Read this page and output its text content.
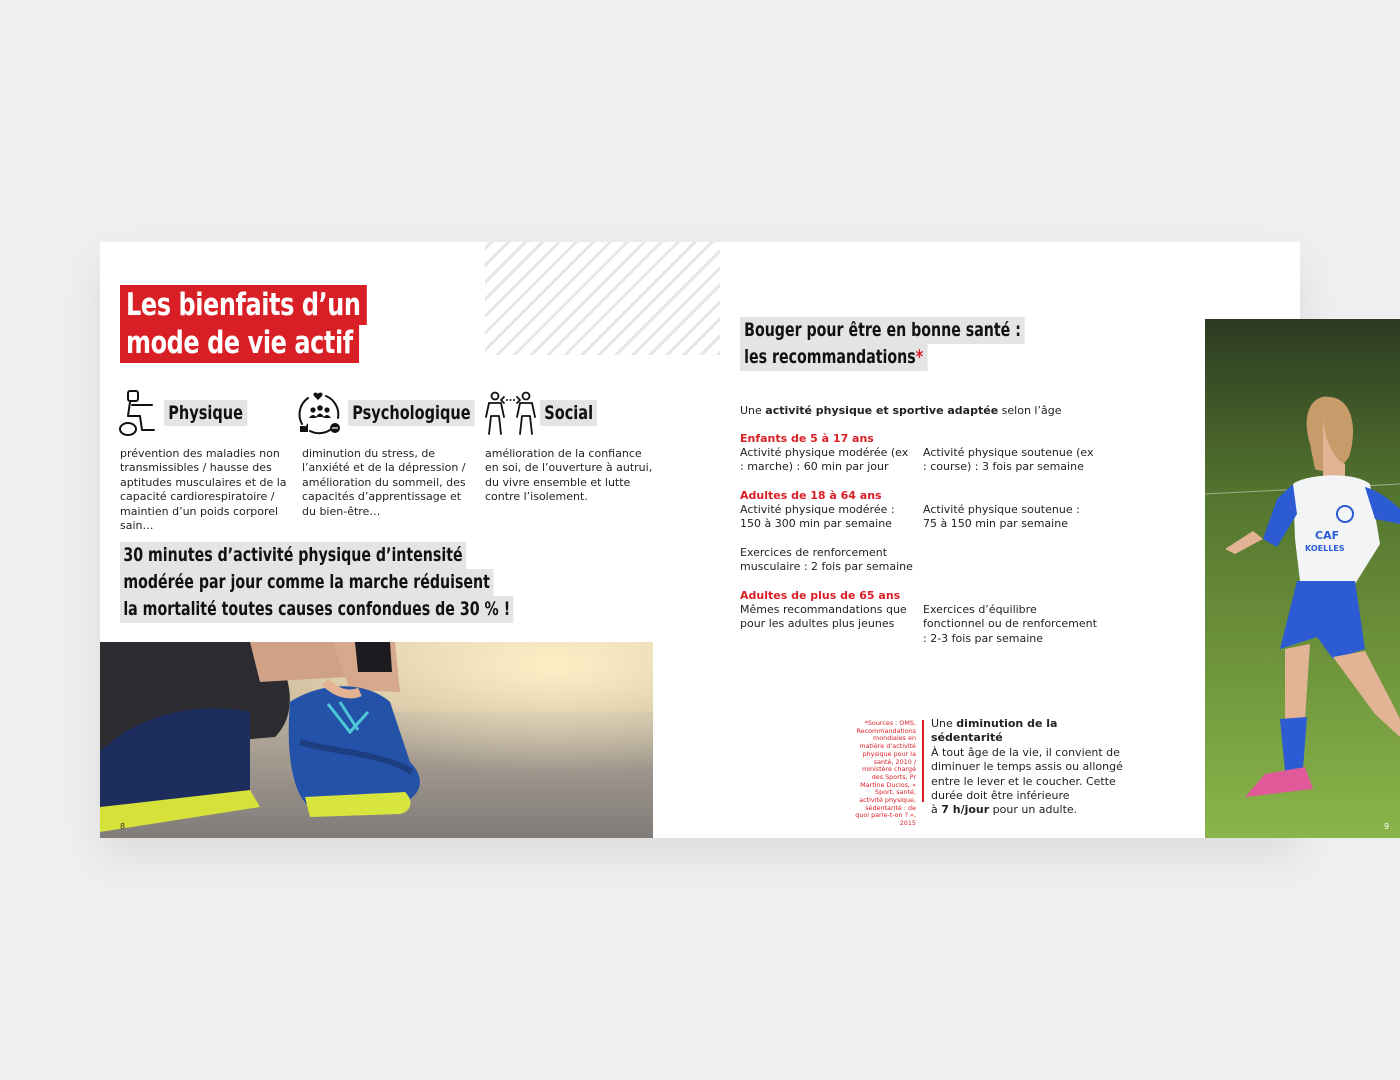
Les bienfaits d’un
mode de vie actif
Physique
prévention des maladies non transmissibles / hausse des aptitudes musculaires et de la capacité cardiorespiratoire / maintien d’un poids corporel sain…
Psychologique
diminution du stress, de l’anxiété et de la dépression / amélioration du sommeil, des capacités d’apprentissage et du bien-être…
Social
amélioration de la confiance en soi, de l’ouverture à autrui, du vivre ensemble et lutte contre l’isolement.
30 minutes d’activité physique d’intensité
modérée par jour comme la marche réduisent
la mortalité toutes causes confondues de 30 % !
8
Bouger pour être en bonne santé :
les recommandations*
Une activité physique et sportive adaptée selon l’âge
Enfants de 5 à 17 ans
Activité physique modérée (ex : marche) : 60 min par jour
Activité physique soutenue (ex : course) : 3 fois par semaine
Adultes de 18 à 64 ans
Activité physique modérée : 150 à 300 min par semaine
Activité physique soutenue : 75 à 150 min par semaine
Exercices de renforcement musculaire : 2 fois par semaine
Adultes de plus de 65 ans
Mêmes recommandations que pour les adultes plus jeunes
Exercices d’équilibre fonctionnel ou de renforcement : 2-3 fois par semaine
*Sources : OMS, Recommandations mondiales en matière d’activité physique pour la santé, 2010 / ministère chargé des Sports, Pr Martine Duclos, « Sport, santé, activité physique, sédentarité : de quoi parle-t-on ? », 2015
Une diminution de la sédentarité
À tout âge de la vie, il convient de diminuer le temps assis ou allongé entre le lever et le coucher. Cette durée doit être inférieure
à 7 h/jour pour un adulte.
CAF
KOELLES
9
